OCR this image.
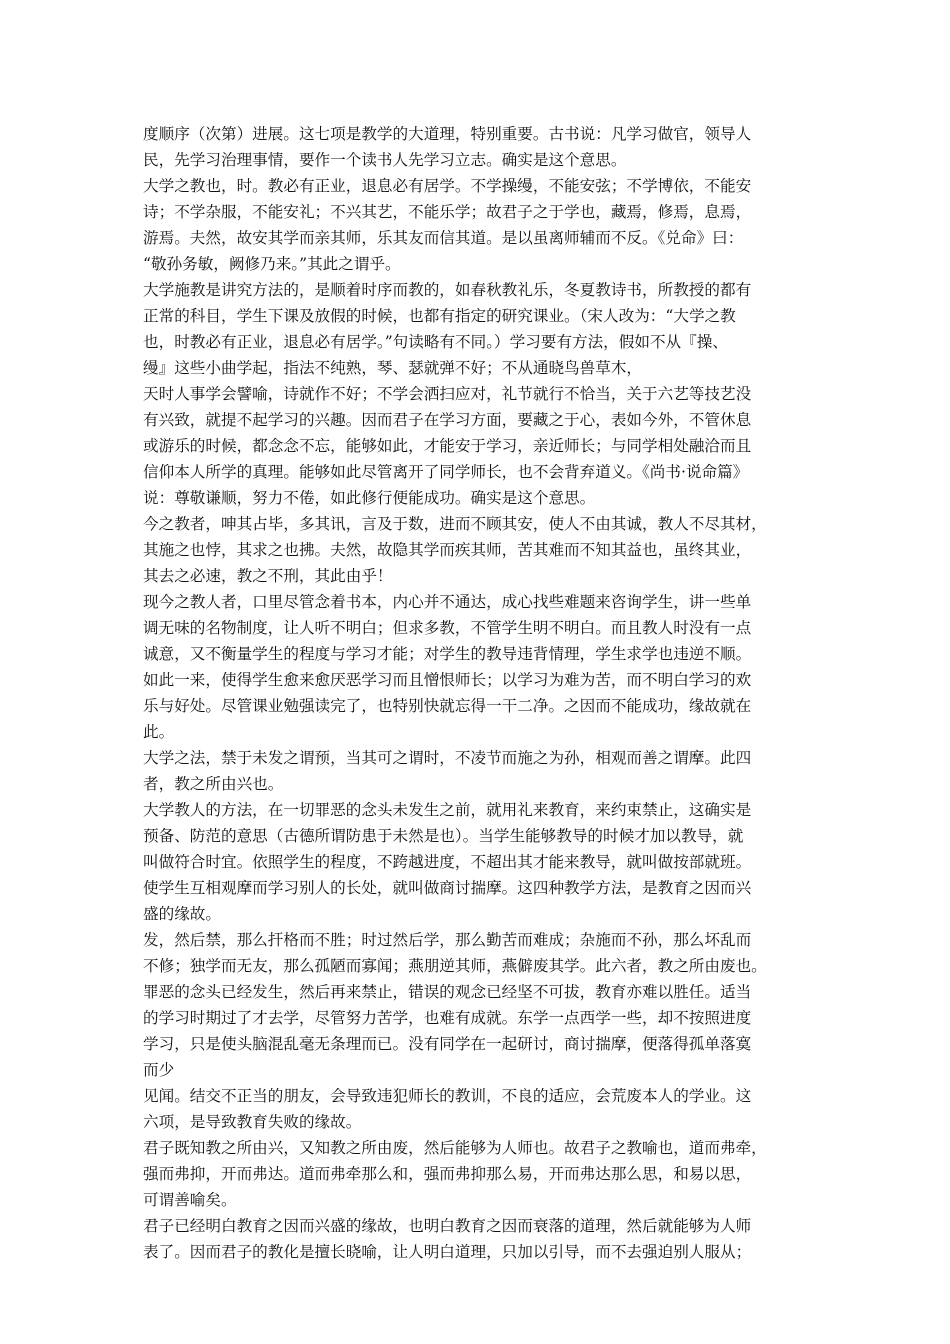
度顺序（次第）进展。这七项是教学的大道理，特别重要。古书说：凡学习做官，领导人
民，先学习治理事情，要作一个读书人先学习立志。确实是这个意思。
大学之教也，时。教必有正业，退息必有居学。不学操缦，不能安弦；不学博依，不能安
诗；不学杂服，不能安礼；不兴其艺，不能乐学；故君子之于学也，藏焉，修焉，息焉，
游焉。夫然，故安其学而亲其师，乐其友而信其道。是以虽离师辅而不反。《兑命》曰：
“敬孙务敏，阙修乃来。”其此之谓乎。
大学施教是讲究方法的，是顺着时序而教的，如春秋教礼乐，冬夏教诗书，所教授的都有
正常的科目，学生下课及放假的时候，也都有指定的研究课业。（宋人改为：“大学之教
也，时教必有正业，退息必有居学。”句读略有不同。）学习要有方法，假如不从『操、
缦』这些小曲学起，指法不纯熟，琴、瑟就弹不好；不从通晓鸟兽草木，
天时人事学会譬喻，诗就作不好；不学会洒扫应对，礼节就行不恰当，关于六艺等技艺没
有兴致，就提不起学习的兴趣。因而君子在学习方面，要藏之于心，表如今外，不管休息
或游乐的时候，都念念不忘，能够如此，才能安于学习，亲近师长；与同学相处融洽而且
信仰本人所学的真理。能够如此尽管离开了同学师长，也不会背弃道义。《尚书·说命篇》
说：尊敬谦顺，努力不倦，如此修行便能成功。确实是这个意思。
今之教者，呻其占毕，多其讯，言及于数，进而不顾其安，使人不由其诚，教人不尽其材，
其施之也悖，其求之也拂。夫然，故隐其学而疾其师，苦其难而不知其益也，虽终其业，
其去之必速，教之不刑，其此由乎！
现今之教人者，口里尽管念着书本，内心并不通达，成心找些难题来咨询学生，讲一些单
调无味的名物制度，让人听不明白；但求多教，不管学生明不明白。而且教人时没有一点
诚意，又不衡量学生的程度与学习才能；对学生的教导违背情理，学生求学也违逆不顺。
如此一来，使得学生愈来愈厌恶学习而且憎恨师长；以学习为难为苦，而不明白学习的欢
乐与好处。尽管课业勉强读完了，也特别快就忘得一干二净。之因而不能成功，缘故就在
此。
大学之法，禁于未发之谓预，当其可之谓时，不凌节而施之为孙，相观而善之谓摩。此四
者，教之所由兴也。
大学教人的方法，在一切罪恶的念头未发生之前，就用礼来教育，来约束禁止，这确实是
预备、防范的意思（古德所谓防患于未然是也）。当学生能够教导的时候才加以教导，就
叫做符合时宜。依照学生的程度，不跨越进度，不超出其才能来教导，就叫做按部就班。
使学生互相观摩而学习别人的长处，就叫做商讨揣摩。这四种教学方法，是教育之因而兴
盛的缘故。
发，然后禁，那么扞格而不胜；时过然后学，那么勤苦而难成；杂施而不孙，那么坏乱而
不修；独学而无友，那么孤陋而寡闻；燕朋逆其师，燕僻废其学。此六者，教之所由废也。
罪恶的念头已经发生，然后再来禁止，错误的观念已经坚不可拔，教育亦难以胜任。适当
的学习时期过了才去学，尽管努力苦学，也难有成就。东学一点西学一些，却不按照进度
学习，只是使头脑混乱毫无条理而已。没有同学在一起研讨，商讨揣摩，便落得孤单落寞
而少
见闻。结交不正当的朋友，会导致违犯师长的教训，不良的适应，会荒废本人的学业。这
六项，是导致教育失败的缘故。
君子既知教之所由兴，又知教之所由废，然后能够为人师也。故君子之教喻也，道而弗牵，
强而弗抑，开而弗达。道而弗牵那么和，强而弗抑那么易，开而弗达那么思，和易以思，
可谓善喻矣。
君子已经明白教育之因而兴盛的缘故，也明白教育之因而衰落的道理，然后就能够为人师
表了。因而君子的教化是擅长晓喻，让人明白道理，只加以引导，而不去强迫别人服从；
